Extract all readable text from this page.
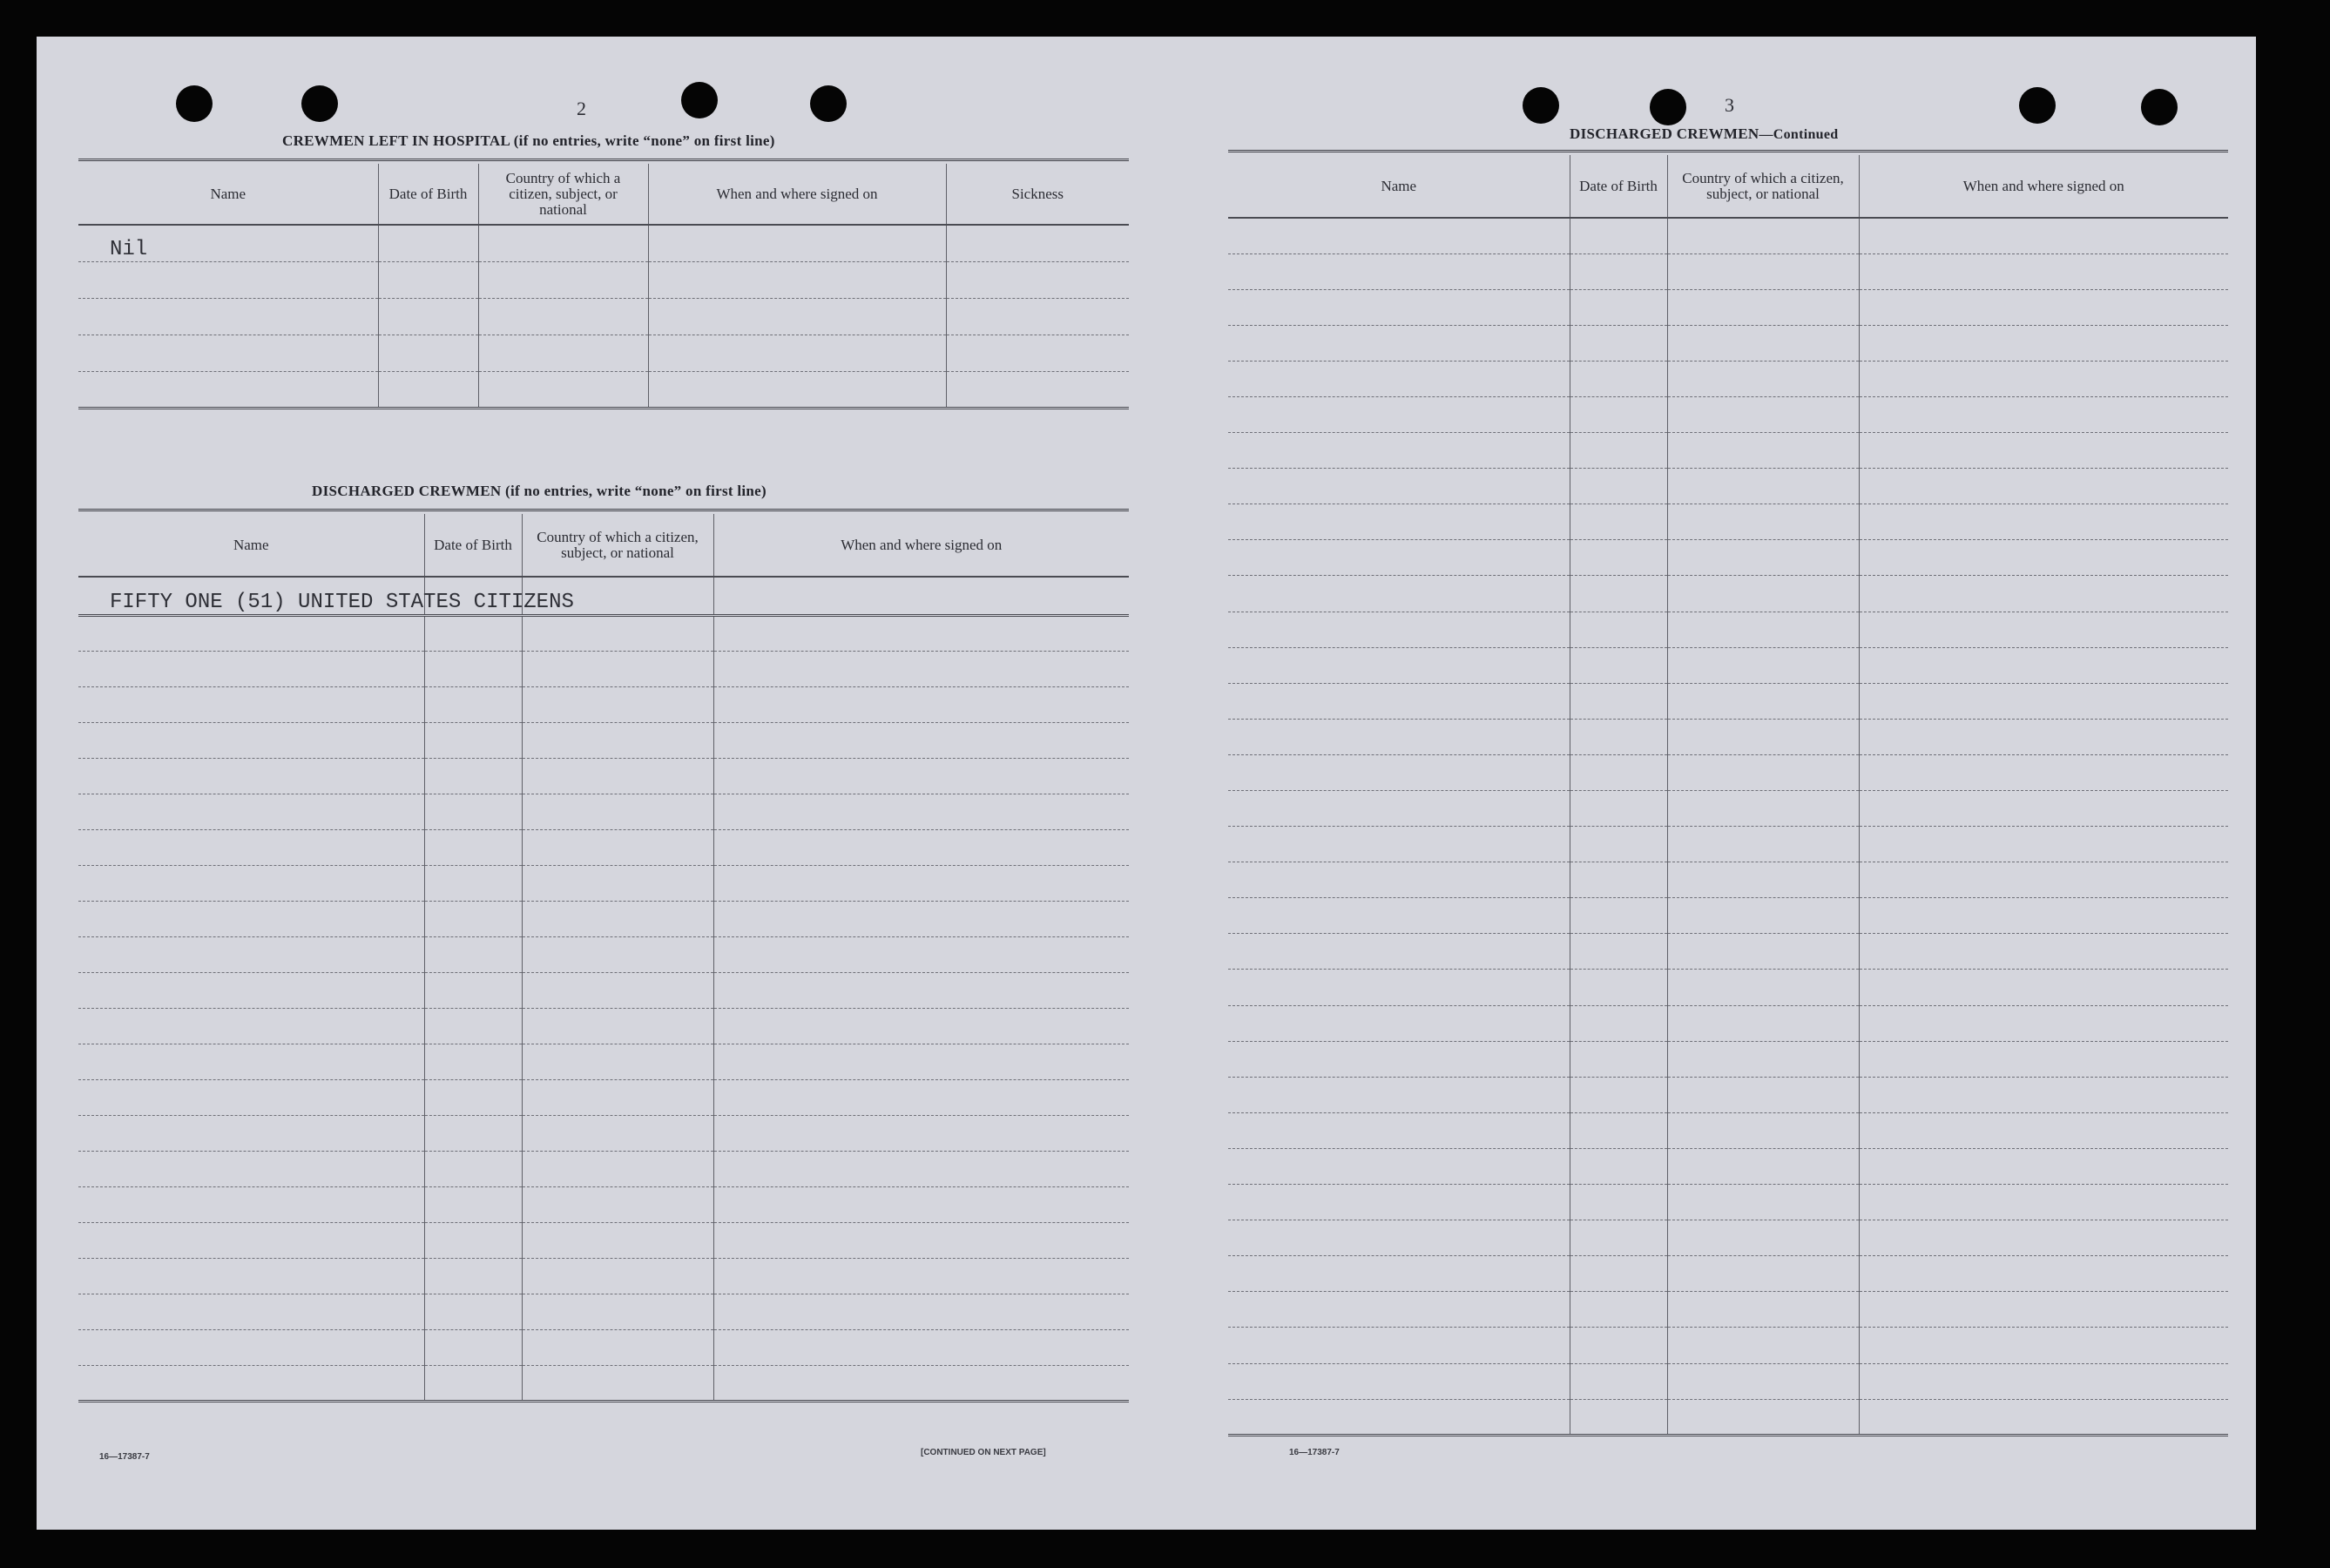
2
CREWMEN LEFT IN HOSPITAL (if no entries, write “none” on first line)
Name	Date of Birth	Country of which a citizen, subject, or national	When and where signed on	Sickness
Nil				

DISCHARGED CREWMEN (if no entries, write “none” on first line)
Name	Date of Birth	Country of which a citizen, subject, or national	When and where signed on
FIFTY ONE (51) UNITED STATES CITIZENS			

16—17387-7	[CONTINUED ON NEXT PAGE]
3
DISCHARGED CREWMEN—Continued
Name	Date of Birth	Country of which a citizen, subject, or national	When and where signed on

16—17387-7
